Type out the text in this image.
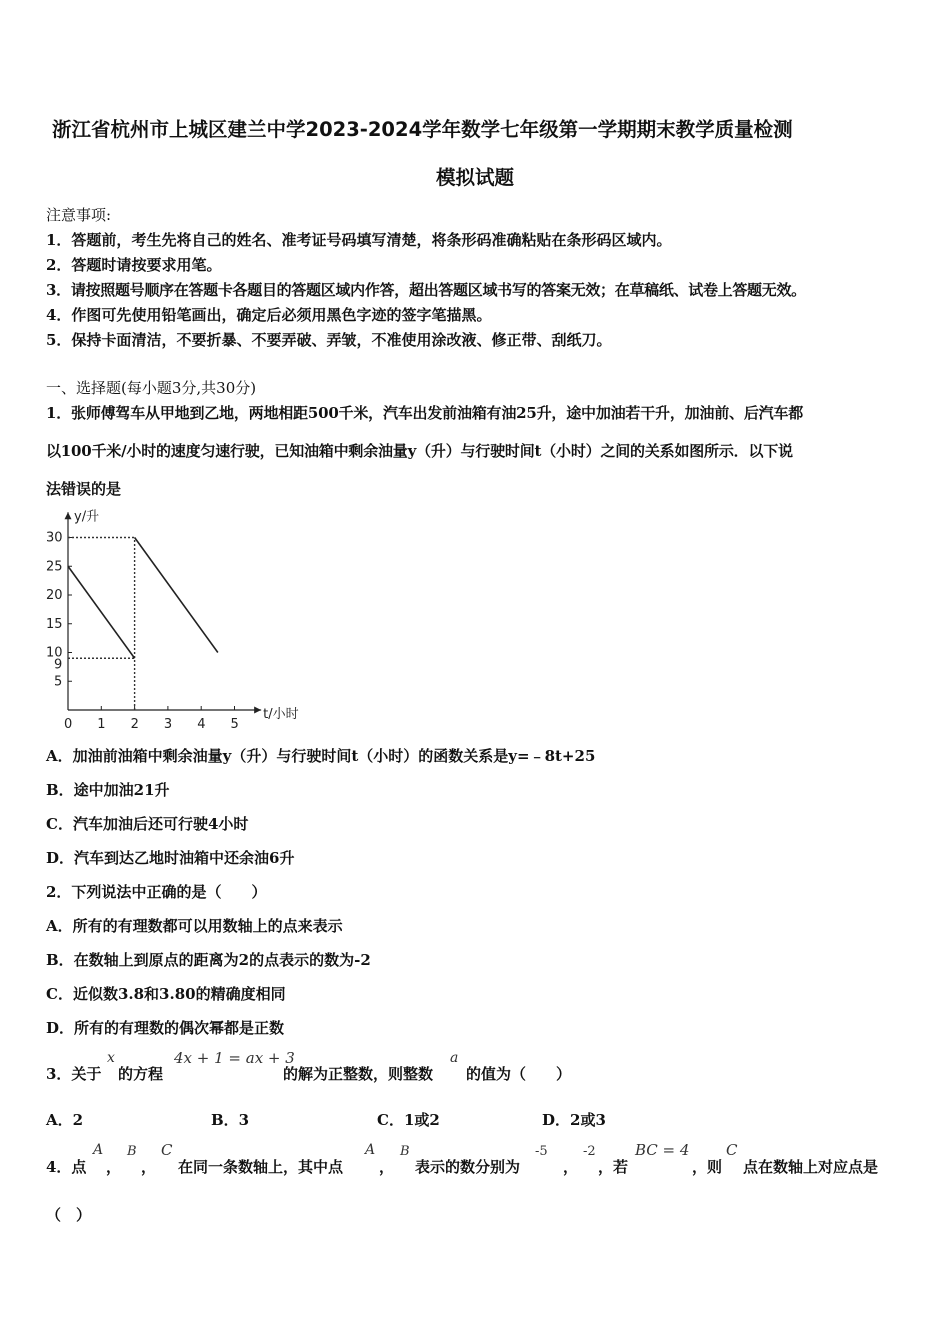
浙江省杭州市上城区建兰中学2023-2024学年数学七年级第一学期期末教学质量检测
模拟试题
注意事项:
1．答题前，考生先将自己的姓名、准考证号码填写清楚，将条形码准确粘贴在条形码区域内。
2．答题时请按要求用笔。
3．请按照题号顺序在答题卡各题目的答题区域内作答，超出答题区域书写的答案无效；在草稿纸、试卷上答题无效。
4．作图可先使用铅笔画出，确定后必须用黑色字迹的签字笔描黑。
5．保持卡面清洁，不要折暴、不要弄破、弄皱，不准使用涂改液、修正带、刮纸刀。
一、选择题(每小题3分,共30分)
1．张师傅驾车从甲地到乙地，两地相距500千米，汽车出发前油箱有油25升，途中加油若干升，加油前、后汽车都
以100千米/小时的速度匀速行驶，已知油箱中剩余油量y（升）与行驶时间t（小时）之间的关系如图所示．以下说
法错误的是
t/小时
y/升
0 1 2 3 4 5
5
9
10
15
20
25
30
A．加油前油箱中剩余油量y（升）与行驶时间t（小时）的函数关系是y=﹣8t+25
B．途中加油21升
C．汽车加油后还可行驶4小时
D．汽车到达乙地时油箱中还余油6升
2．下列说法中正确的是（　　）
A．所有的有理数都可以用数轴上的点来表示
B．在数轴上到原点的距离为2的点表示的数为-2
C．近似数3.8和3.80的精确度相同
D．所有的有理数的偶次幂都是正数
3．关于
x
的方程
4x + 1 = ax + 3
的解为正整数，则整数
a
的值为（　　）
A．2	B．3	C．1或2	D．2或3
4．点
A
，
B
，
C
在同一条数轴上，其中点
A
，
B
表示的数分别为
-5
，
-2
，若
BC = 4
，则
C
点在数轴上对应点是
（　）
